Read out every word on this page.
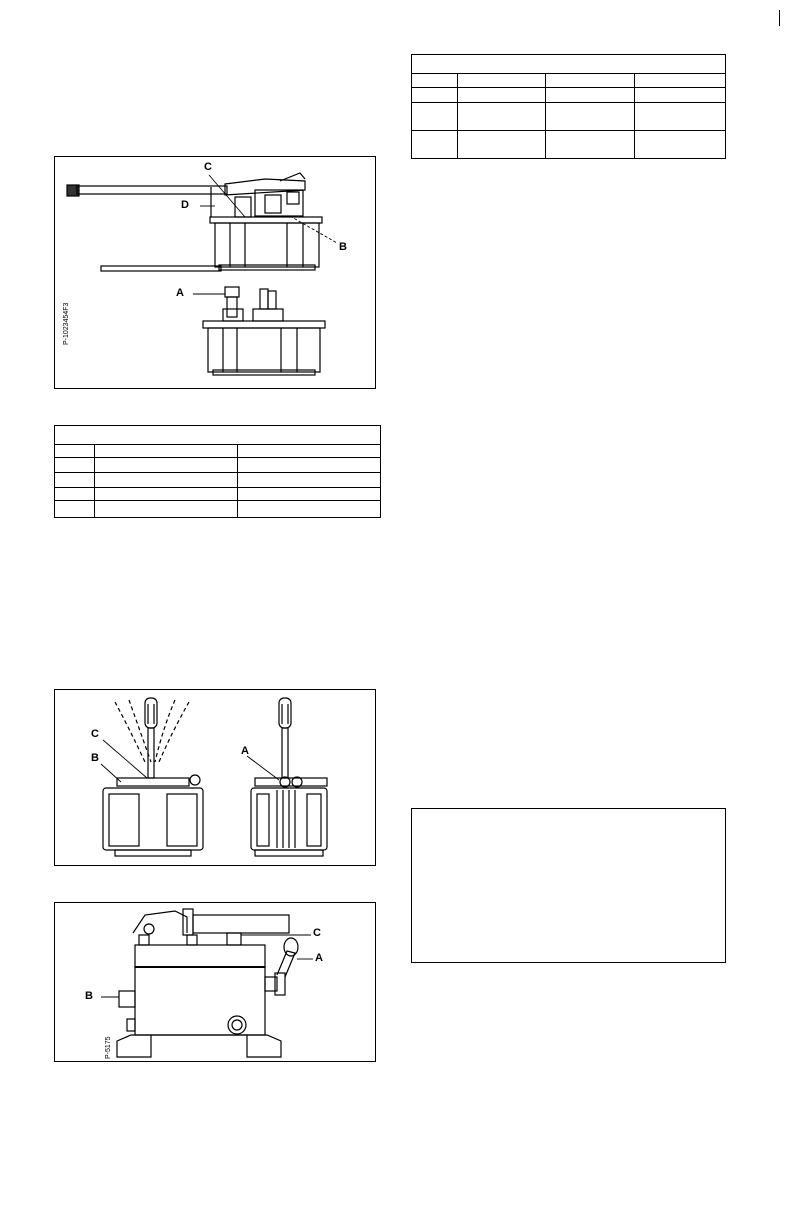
C
D
B
A
P-1023454F3

C
B
A
C
A
B
P-5175
